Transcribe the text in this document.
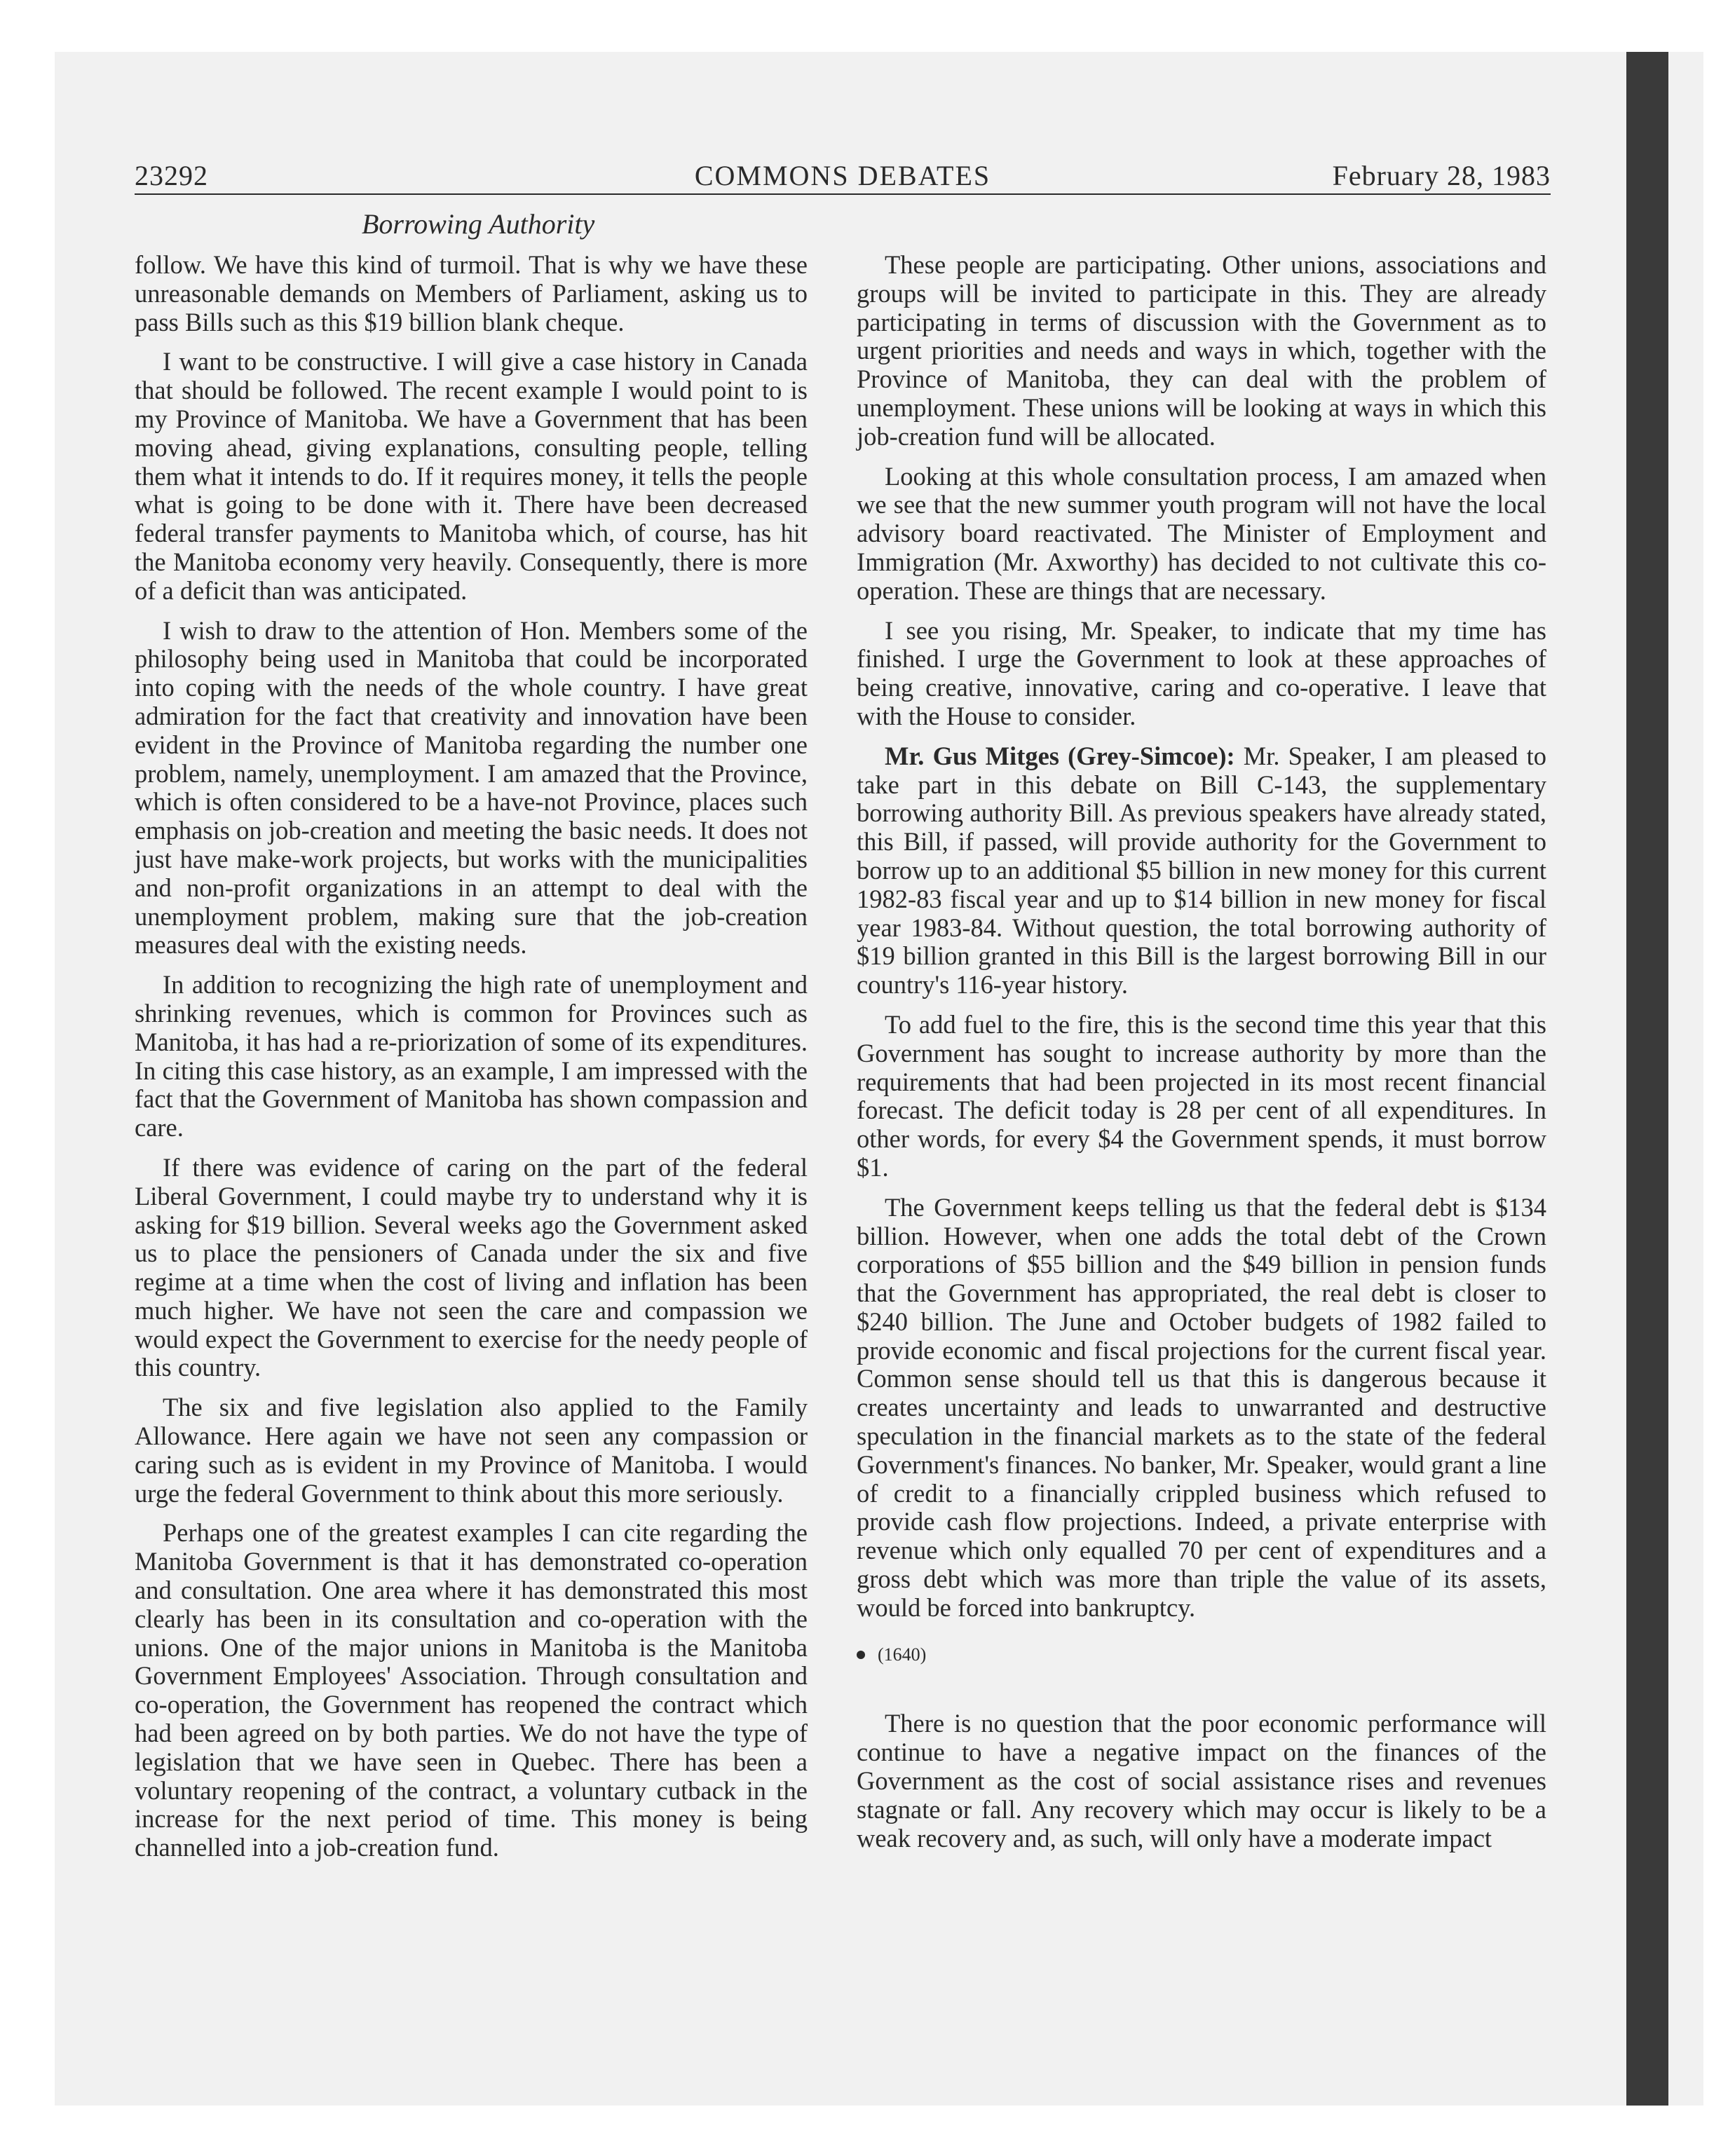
23292	COMMONS DEBATES	February 28, 1983
Borrowing Authority

follow. We have this kind of turmoil. That is why we have these unreasonable demands on Members of Parliament, asking us to pass Bills such as this $19 billion blank cheque.

I want to be constructive. I will give a case history in Canada that should be followed. The recent example I would point to is my Province of Manitoba. We have a Government that has been moving ahead, giving explanations, consulting people, telling them what it intends to do. If it requires money, it tells the people what is going to be done with it. There have been decreased federal transfer payments to Manitoba which, of course, has hit the Manitoba economy very heavily. Consequently, there is more of a deficit than was anticipated.

I wish to draw to the attention of Hon. Members some of the philosophy being used in Manitoba that could be incorporated into coping with the needs of the whole country. I have great admiration for the fact that creativity and innovation have been evident in the Province of Manitoba regarding the number one problem, namely, unemployment. I am amazed that the Province, which is often considered to be a have-not Province, places such emphasis on job-creation and meeting the basic needs. It does not just have make-work projects, but works with the municipalities and non-profit organizations in an attempt to deal with the unemployment problem, making sure that the job-creation measures deal with the existing needs.

In addition to recognizing the high rate of unemployment and shrinking revenues, which is common for Provinces such as Manitoba, it has had a re-priorization of some of its expenditures. In citing this case history, as an example, I am impressed with the fact that the Government of Manitoba has shown compassion and care.

If there was evidence of caring on the part of the federal Liberal Government, I could maybe try to understand why it is asking for $19 billion. Several weeks ago the Government asked us to place the pensioners of Canada under the six and five regime at a time when the cost of living and inflation has been much higher. We have not seen the care and compassion we would expect the Government to exercise for the needy people of this country.

The six and five legislation also applied to the Family Allowance. Here again we have not seen any compassion or caring such as is evident in my Province of Manitoba. I would urge the federal Government to think about this more seriously.

Perhaps one of the greatest examples I can cite regarding the Manitoba Government is that it has demonstrated co-operation and consultation. One area where it has demonstrated this most clearly has been in its consultation and co-operation with the unions. One of the major unions in Manitoba is the Manitoba Government Employees' Association. Through consultation and co-operation, the Government has reopened the contract which had been agreed on by both parties. We do not have the type of legislation that we have seen in Quebec. There has been a voluntary reopening of the contract, a voluntary cutback in the increase for the next period of time. This money is being channelled into a job-creation fund.

These people are participating. Other unions, associations and groups will be invited to participate in this. They are already participating in terms of discussion with the Government as to urgent priorities and needs and ways in which, together with the Province of Manitoba, they can deal with the problem of unemployment. These unions will be looking at ways in which this job-creation fund will be allocated.

Looking at this whole consultation process, I am amazed when we see that the new summer youth program will not have the local advisory board reactivated. The Minister of Employment and Immigration (Mr. Axworthy) has decided to not cultivate this co-operation. These are things that are necessary.

I see you rising, Mr. Speaker, to indicate that my time has finished. I urge the Government to look at these approaches of being creative, innovative, caring and co-operative. I leave that with the House to consider.

Mr. Gus Mitges (Grey-Simcoe): Mr. Speaker, I am pleased to take part in this debate on Bill C-143, the supplementary borrowing authority Bill. As previous speakers have already stated, this Bill, if passed, will provide authority for the Government to borrow up to an additional $5 billion in new money for this current 1982-83 fiscal year and up to $14 billion in new money for fiscal year 1983-84. Without question, the total borrowing authority of $19 billion granted in this Bill is the largest borrowing Bill in our country's 116-year history.

To add fuel to the fire, this is the second time this year that this Government has sought to increase authority by more than the requirements that had been projected in its most recent financial forecast. The deficit today is 28 per cent of all expenditures. In other words, for every $4 the Government spends, it must borrow $1.

The Government keeps telling us that the federal debt is $134 billion. However, when one adds the total debt of the Crown corporations of $55 billion and the $49 billion in pension funds that the Government has appropriated, the real debt is closer to $240 billion. The June and October budgets of 1982 failed to provide economic and fiscal projections for the current fiscal year. Common sense should tell us that this is dangerous because it creates uncertainty and leads to unwarranted and destructive speculation in the financial markets as to the state of the federal Government's finances. No banker, Mr. Speaker, would grant a line of credit to a financially crippled business which refused to provide cash flow projections. Indeed, a private enterprise with revenue which only equalled 70 per cent of expenditures and a gross debt which was more than triple the value of its assets, would be forced into bankruptcy.

(1640)

There is no question that the poor economic performance will continue to have a negative impact on the finances of the Government as the cost of social assistance rises and revenues stagnate or fall. Any recovery which may occur is likely to be a weak recovery and, as such, will only have a moderate impact
